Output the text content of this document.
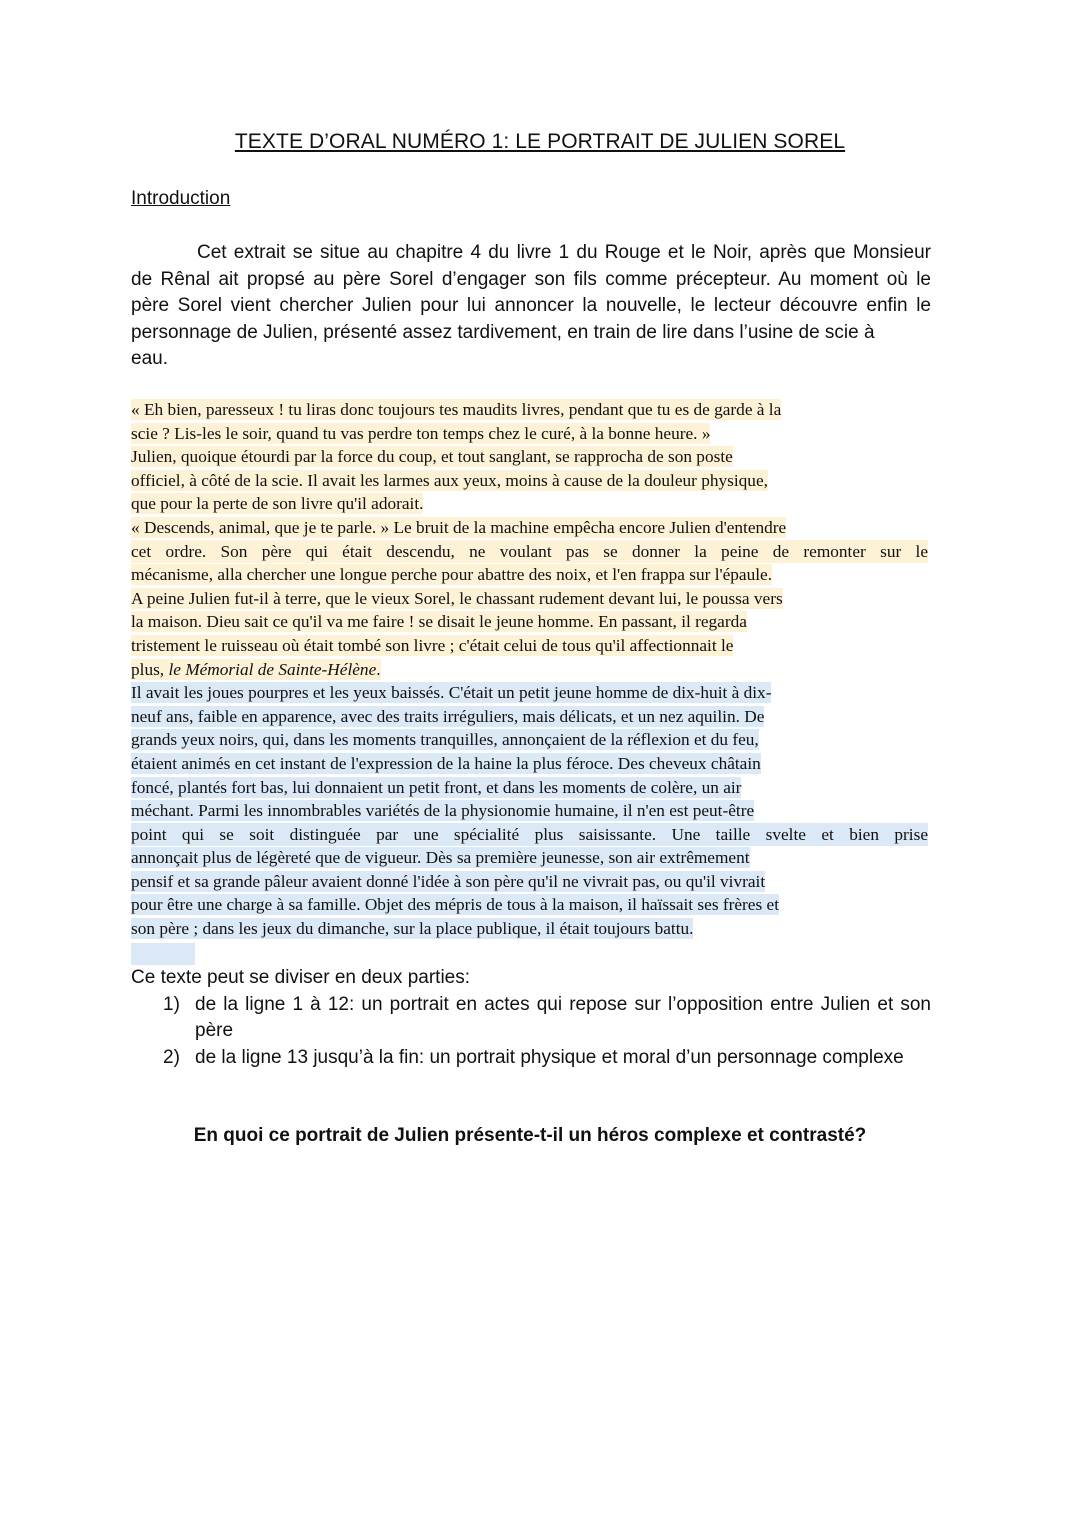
TEXTE D’ORAL NUMÉRO 1: LE PORTRAIT DE JULIEN SOREL
Introduction
Cet extrait se situe au chapitre 4 du livre 1 du Rouge et le Noir, après que Monsieur
de Rênal ait propsé au père Sorel d’engager son fils comme précepteur. Au moment où le
père Sorel vient chercher Julien pour lui annoncer la nouvelle, le lecteur découvre enfin le
personnage de Julien, présenté assez tardivement, en train de lire dans l’usine de scie à
eau.
« Eh bien, paresseux ! tu liras donc toujours tes maudits livres, pendant que tu es de garde à la
scie ? Lis-les le soir, quand tu vas perdre ton temps chez le curé, à la bonne heure. »
Julien, quoique étourdi par la force du coup, et tout sanglant, se rapprocha de son poste
officiel, à côté de la scie. Il avait les larmes aux yeux, moins à cause de la douleur physique,
que pour la perte de son livre qu'il adorait.
« Descends, animal, que je te parle. » Le bruit de la machine empêcha encore Julien d'entendre
cet ordre. Son père qui était descendu, ne voulant pas se donner la peine de remonter sur le
mécanisme, alla chercher une longue perche pour abattre des noix, et l'en frappa sur l'épaule.
A peine Julien fut-il à terre, que le vieux Sorel, le chassant rudement devant lui, le poussa vers
la maison. Dieu sait ce qu'il va me faire ! se disait le jeune homme. En passant, il regarda
tristement le ruisseau où était tombé son livre ; c'était celui de tous qu'il affectionnait le
plus, le Mémorial de Sainte-Hélène.
Il avait les joues pourpres et les yeux baissés. C'était un petit jeune homme de dix-huit à dix-
neuf ans, faible en apparence, avec des traits irréguliers, mais délicats, et un nez aquilin. De
grands yeux noirs, qui, dans les moments tranquilles, annonçaient de la réflexion et du feu,
étaient animés en cet instant de l'expression de la haine la plus féroce. Des cheveux châtain
foncé, plantés fort bas, lui donnaient un petit front, et dans les moments de colère, un air
méchant. Parmi les innombrables variétés de la physionomie humaine, il n'en est peut-être
point qui se soit distinguée par une spécialité plus saisissante. Une taille svelte et bien prise
annonçait plus de légèreté que de vigueur. Dès sa première jeunesse, son air extrêmement
pensif et sa grande pâleur avaient donné l'idée à son père qu'il ne vivrait pas, ou qu'il vivrait
pour être une charge à sa famille. Objet des mépris de tous à la maison, il haïssait ses frères et
son père ; dans les jeux du dimanche, sur la place publique, il était toujours battu.
Ce texte peut se diviser en deux parties:
1) de la ligne 1 à 12: un portrait en actes qui repose sur l’opposition entre Julien et son père
2) de la ligne 13 jusqu’à la fin: un portrait physique et moral d’un personnage complexe
En quoi ce portrait de Julien présente-t-il un héros complexe et contrasté?
